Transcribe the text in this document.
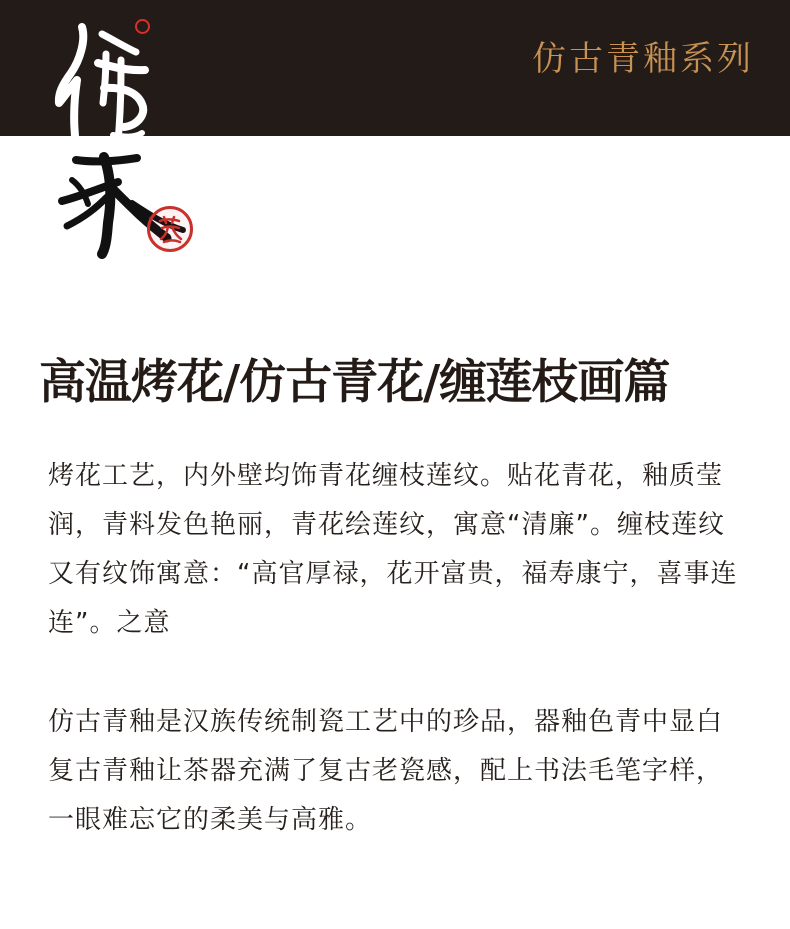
仿古青釉系列
高温烤花/仿古青花/缠莲枝画篇
烤花工艺，内外壁均饰青花缠枝莲纹。贴花青花，釉质莹润，青料发色艳丽，青花绘莲纹，寓意“清廉”。缠枝莲纹又有纹饰寓意：“高官厚禄，花开富贵，福寿康宁，喜事连连”。之意
仿古青釉是汉族传统制瓷工艺中的珍品，器釉色青中显白复古青釉让茶器充满了复古老瓷感，配上书法毛笔字样，一眼难忘它的柔美与高雅。
